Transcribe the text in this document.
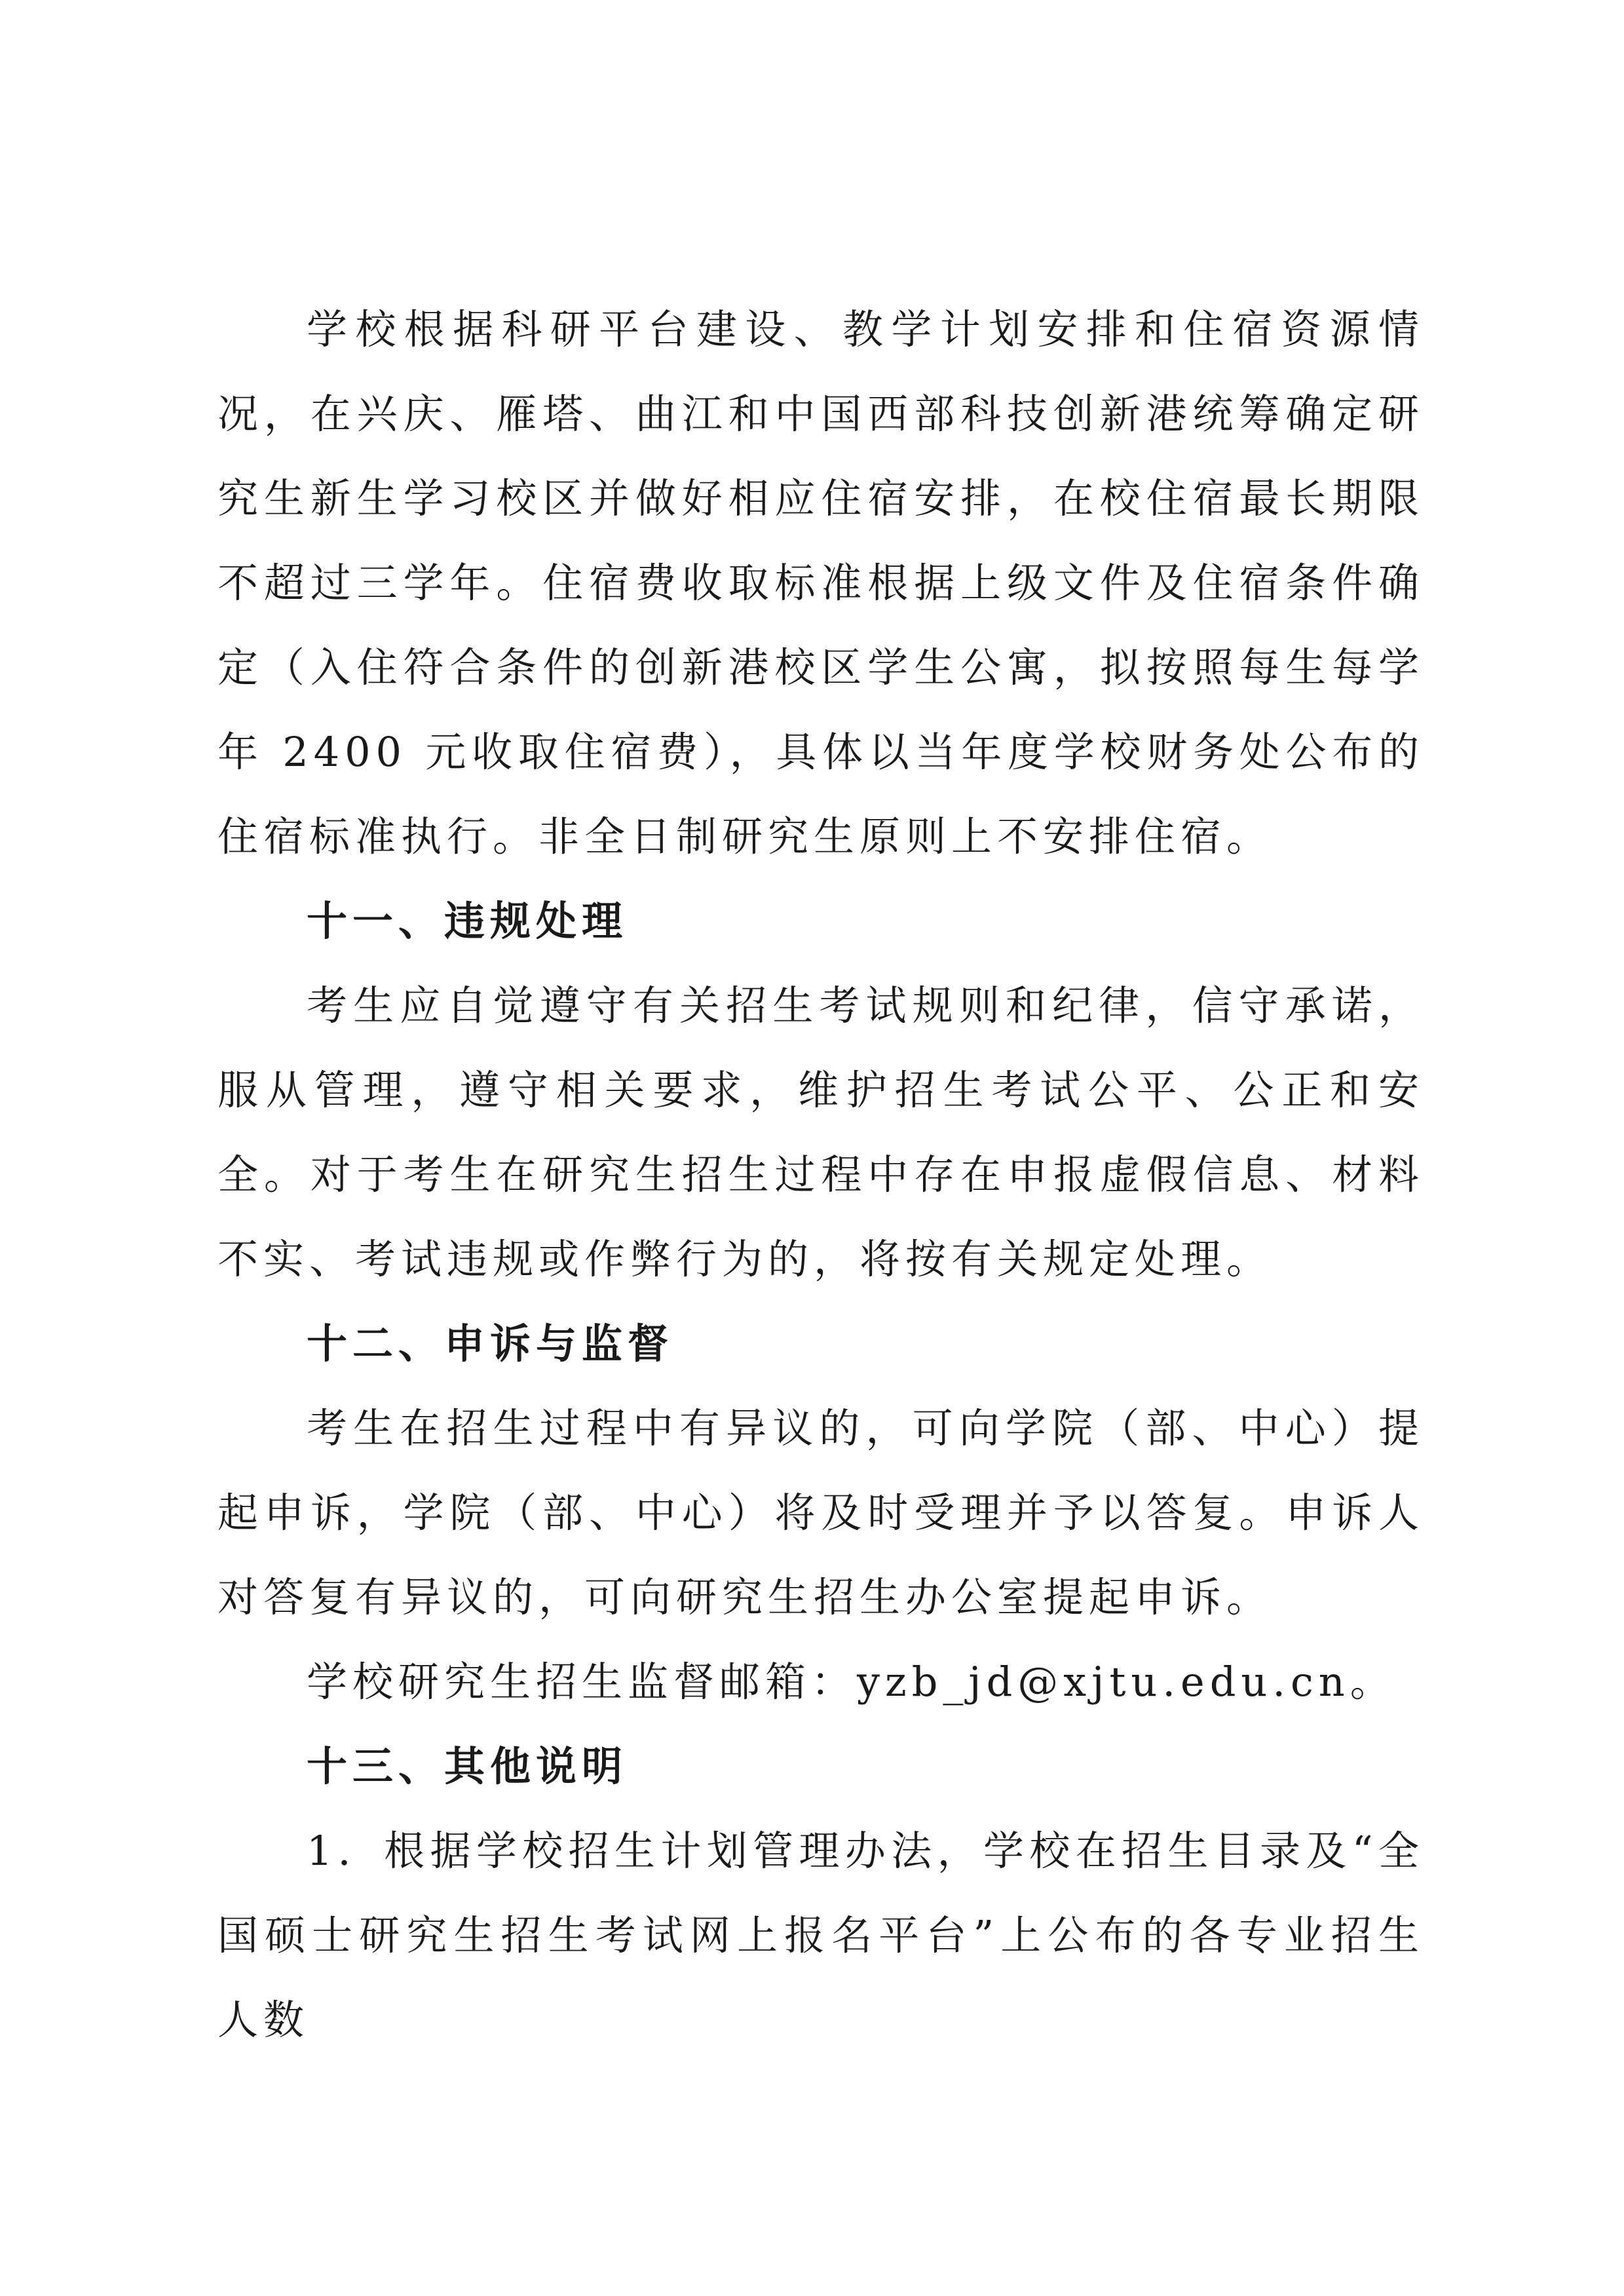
学校根据科研平台建设、教学计划安排和住宿资源情况，在兴庆、雁塔、曲江和中国西部科技创新港统筹确定研究生新生学习校区并做好相应住宿安排，在校住宿最长期限不超过三学年。住宿费收取标准根据上级文件及住宿条件确定（入住符合条件的创新港校区学生公寓，拟按照每生每学年 2400 元收取住宿费），具体以当年度学校财务处公布的住宿标准执行。非全日制研究生原则上不安排住宿。

十一、违规处理

考生应自觉遵守有关招生考试规则和纪律，信守承诺，服从管理，遵守相关要求，维护招生考试公平、公正和安全。对于考生在研究生招生过程中存在申报虚假信息、材料不实、考试违规或作弊行为的，将按有关规定处理。

十二、申诉与监督

考生在招生过程中有异议的，可向学院（部、中心）提起申诉，学院（部、中心）将及时受理并予以答复。申诉人对答复有异议的，可向研究生招生办公室提起申诉。

学校研究生招生监督邮箱：yzb_jd@xjtu.edu.cn。

十三、其他说明

1．根据学校招生计划管理办法，学校在招生目录及“全国硕士研究生招生考试网上报名平台”上公布的各专业招生人数
